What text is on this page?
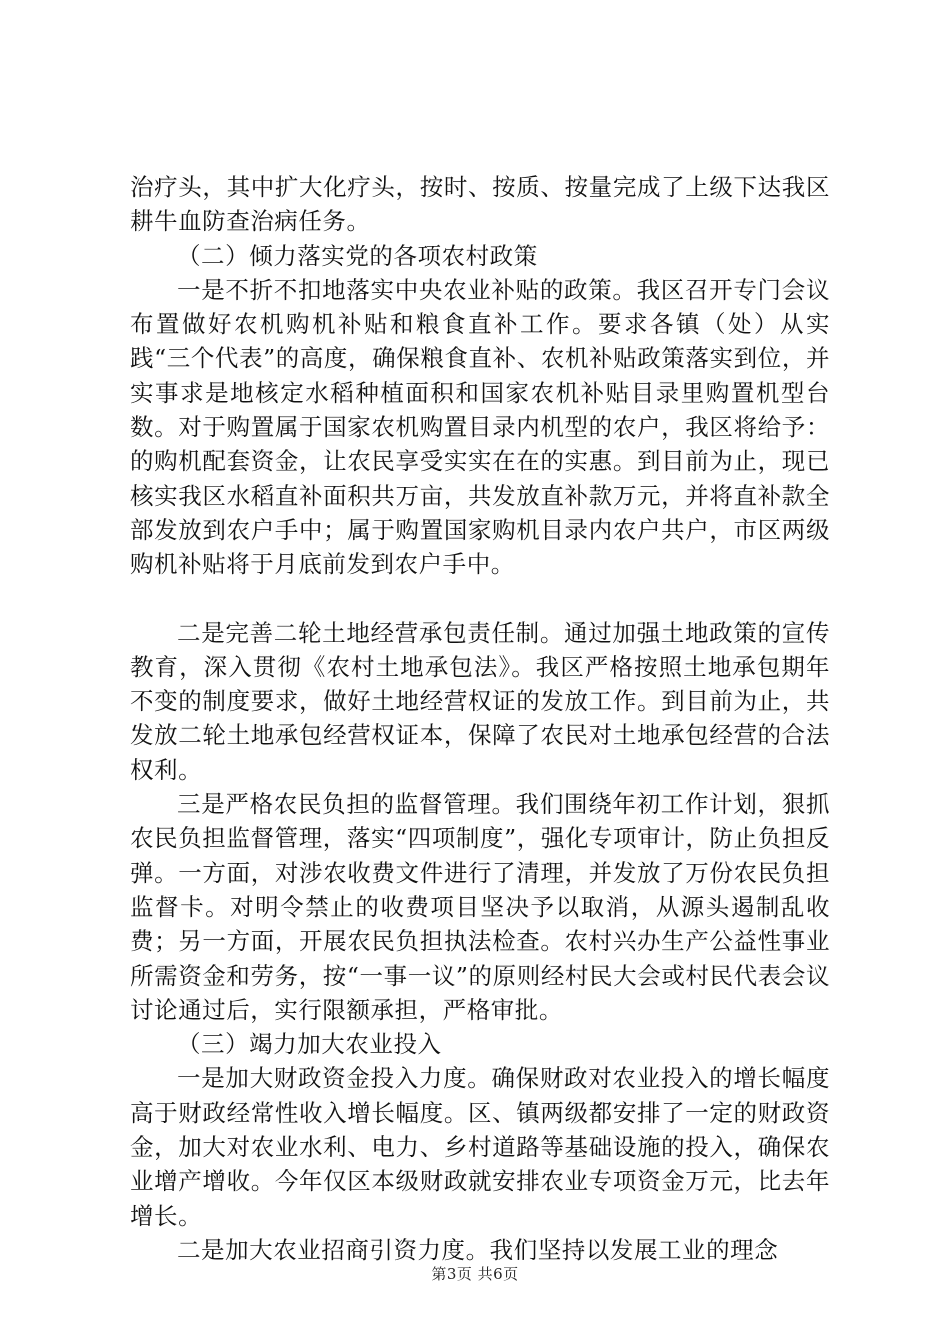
治疗头，其中扩大化疗头，按时、按质、按量完成了上级下达我区耕牛血防查治病任务。

（二）倾力落实党的各项农村政策

一是不折不扣地落实中央农业补贴的政策。我区召开专门会议布置做好农机购机补贴和粮食直补工作。要求各镇（处）从实践“三个代表”的高度，确保粮食直补、农机补贴政策落实到位，并实事求是地核定水稻种植面积和国家农机补贴目录里购置机型台数。对于购置属于国家农机购置目录内机型的农户，我区将给予：的购机配套资金，让农民享受实实在在的实惠。到目前为止，现已核实我区水稻直补面积共万亩，共发放直补款万元，并将直补款全部发放到农户手中；属于购置国家购机目录内农户共户，市区两级购机补贴将于月底前发到农户手中。

二是完善二轮土地经营承包责任制。通过加强土地政策的宣传教育，深入贯彻《农村土地承包法》。我区严格按照土地承包期年不变的制度要求，做好土地经营权证的发放工作。到目前为止，共发放二轮土地承包经营权证本，保障了农民对土地承包经营的合法权利。

三是严格农民负担的监督管理。我们围绕年初工作计划，狠抓农民负担监督管理，落实“四项制度”，强化专项审计，防止负担反弹。一方面，对涉农收费文件进行了清理，并发放了万份农民负担监督卡。对明令禁止的收费项目坚决予以取消，从源头遏制乱收费；另一方面，开展农民负担执法检查。农村兴办生产公益性事业所需资金和劳务，按“一事一议”的原则经村民大会或村民代表会议讨论通过后，实行限额承担，严格审批。

（三）竭力加大农业投入

一是加大财政资金投入力度。确保财政对农业投入的增长幅度高于财政经常性收入增长幅度。区、镇两级都安排了一定的财政资金，加大对农业水利、电力、乡村道路等基础设施的投入，确保农业增产增收。今年仅区本级财政就安排农业专项资金万元，比去年增长。

二是加大农业招商引资力度。我们坚持以发展工业的理念

第3页 共6页
